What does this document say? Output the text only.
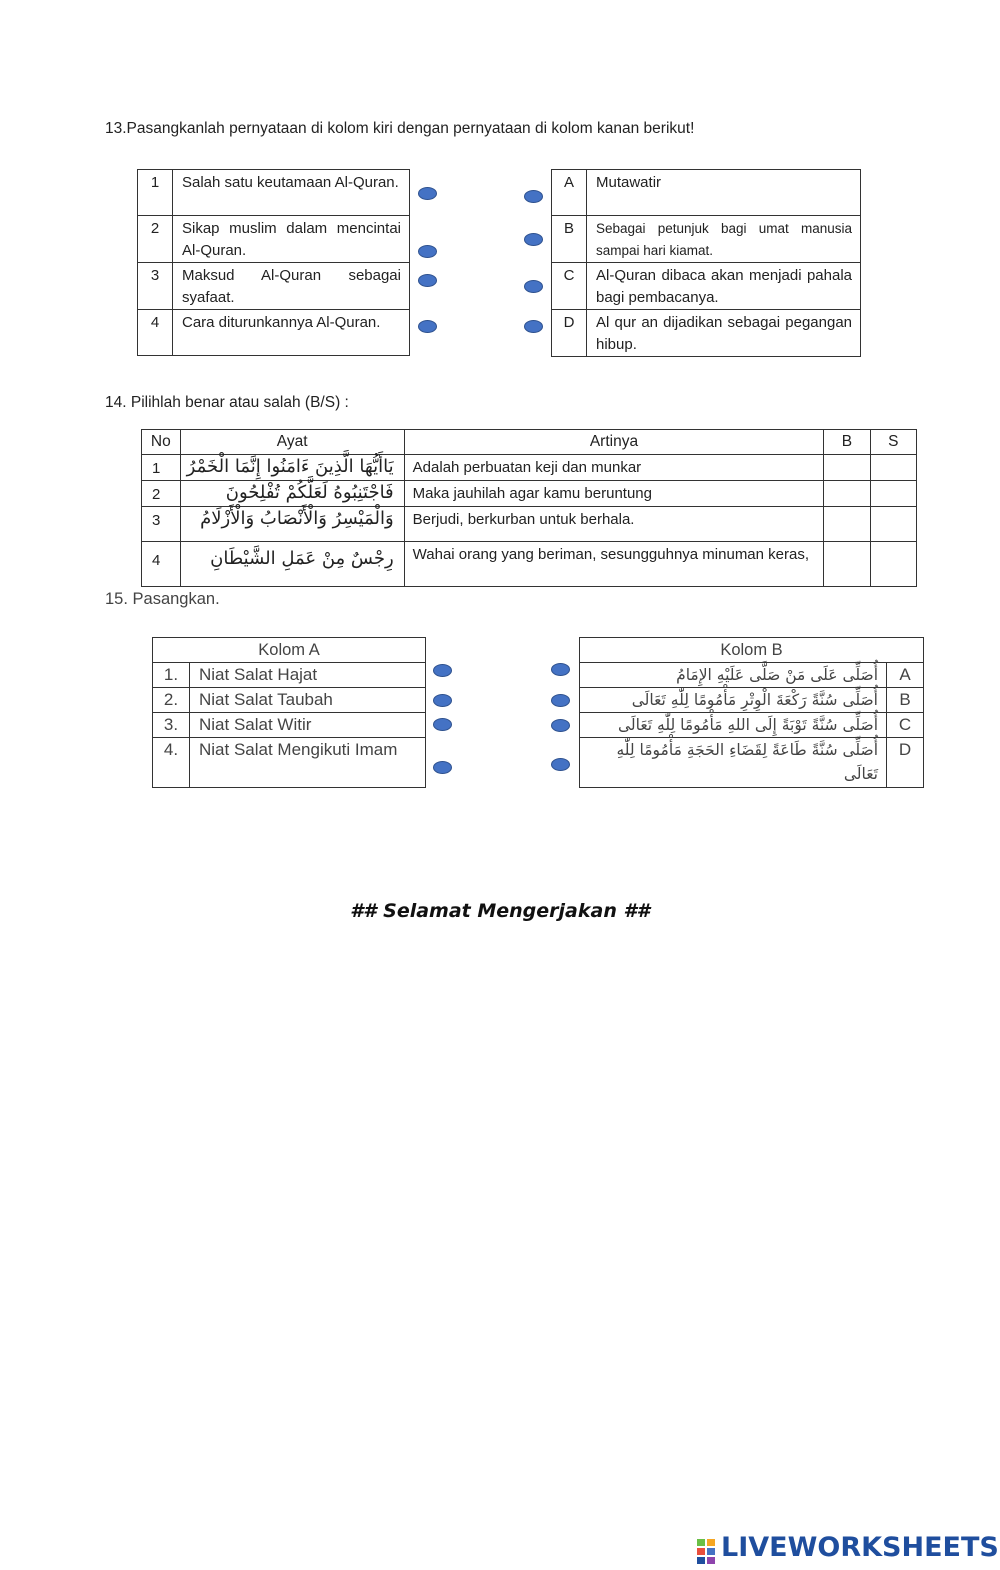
13.Pasangkanlah pernyataan di kolom kiri dengan pernyataan di kolom kanan berikut!
1	Salah satu keutamaan Al-Quran.
2	Sikap muslim dalam mencintai Al-Quran.
3	Maksud Al-Quran sebagai syafaat.
4	Cara diturunkannya Al-Quran.
A	Mutawatir
B	Sebagai petunjuk bagi umat manusia sampai hari kiamat.
C	Al-Quran dibaca akan menjadi pahala bagi pembacanya.
D	Al qur an dijadikan sebagai pegangan hibup.
14. Pilihlah benar atau salah (B/S) :
No	Ayat	Artinya	B	S
1	يَاأَيُّهَا الَّذِينَ ءَامَنُوا إِنَّمَا الْخَمْرُ	Adalah perbuatan keji dan munkar		
2	فَاجْتَنِبُوهُ لَعَلَّكُمْ تُفْلِحُونَ	Maka jauhilah agar kamu beruntung		
3	وَالْمَيْسِرُ وَالْأَنْصَابُ وَالْأَزْلَامُ	Berjudi, berkurban untuk berhala.		
4	رِجْسٌ مِنْ عَمَلِ الشَّيْطَانِ	Wahai orang yang beriman, sesungguhnya minuman keras,		
15. Pasangkan.
Kolom A	
1.	Niat Salat Hajat
2.	Niat Salat Taubah
3.	Niat Salat Witir
4.	Niat Salat Mengikuti Imam
Kolom B	
أُصَلِّى عَلَى مَنْ صَلَّى عَلَيْهِ الإِمَامُ	A
أُصَلِّى سُنَّةً رَكْعَةَ الْوِتْرِ مَأْمُومًا لِلّٰهِ تَعَالَى	B
أُصَلِّى سُنَّةً تَوْبَةً إِلَى اللهِ مَأْمُومًا لِلّٰهِ تَعَالَى	C
أُصَلِّى سُنَّةً طَاعَةً لِقَضَاءِ الحَجَةِ مَأْمُومًا لِلّٰهِ تَعَالَى	D
## Selamat Mengerjakan ##
LIVEWORKSHEETS
